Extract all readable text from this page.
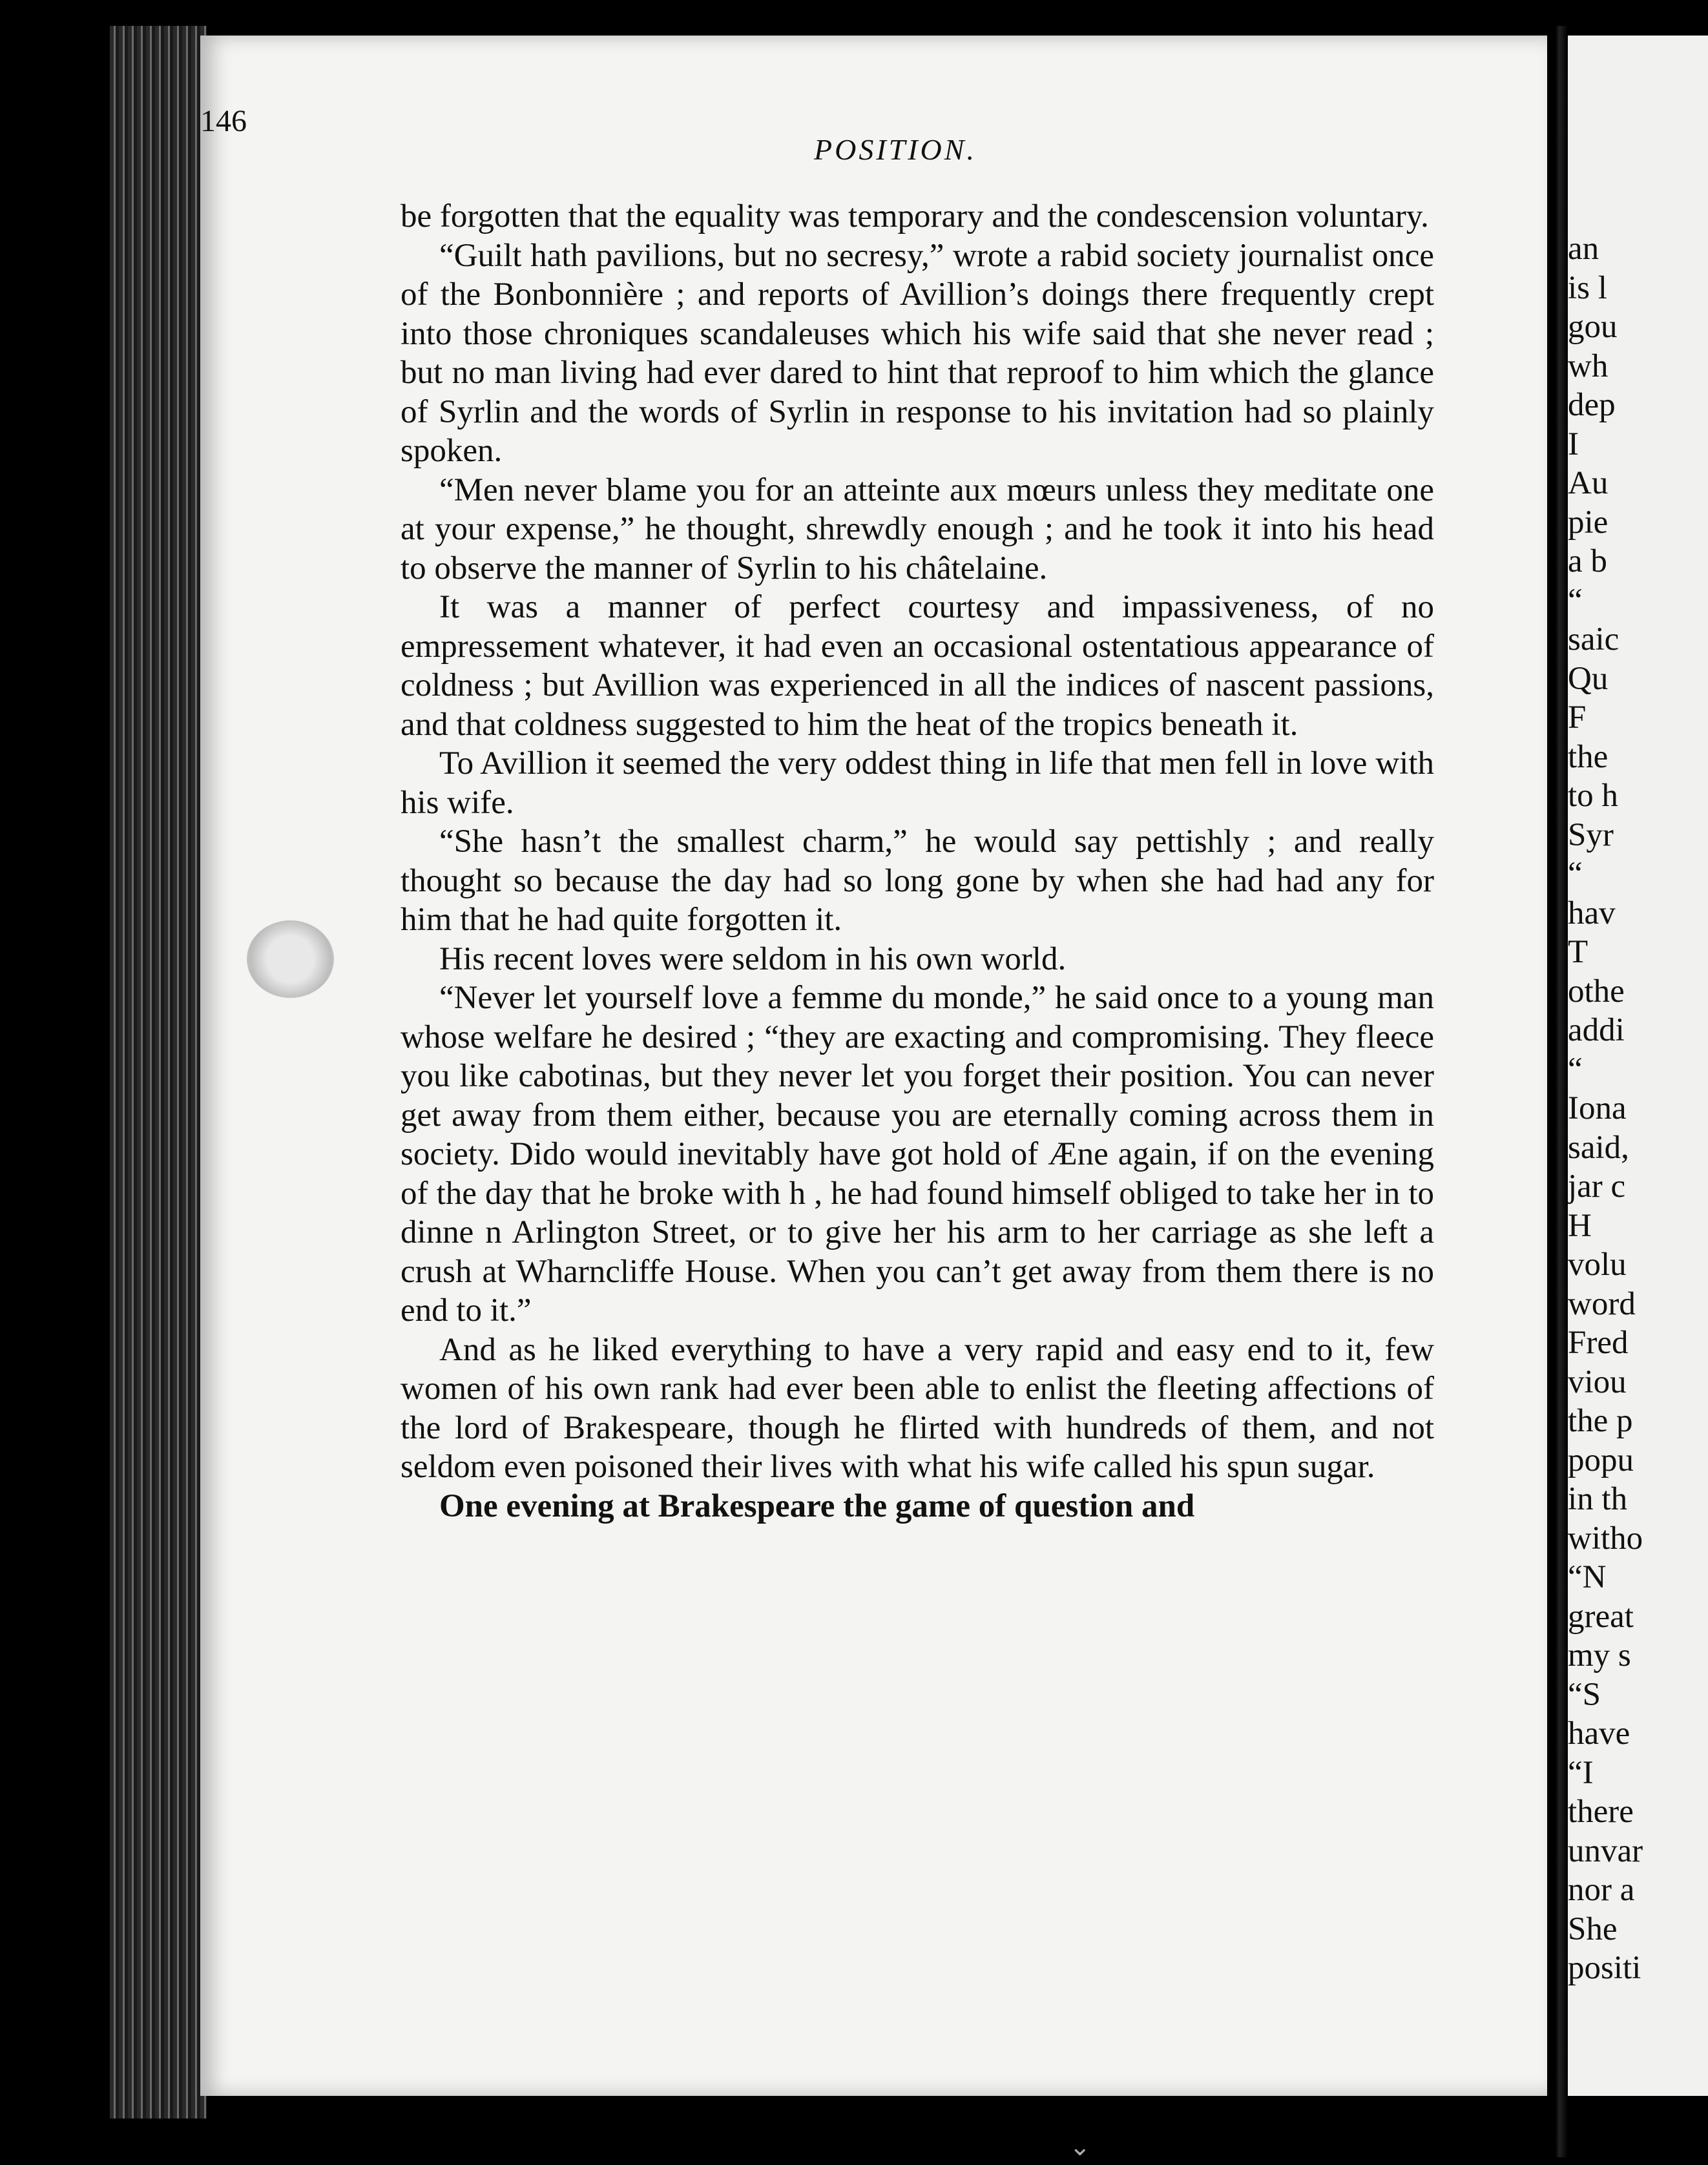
146
POSITION.

be forgotten that the equality was temporary and the condescension voluntary.

“Guilt hath pavilions, but no secresy,” wrote a rabid society journalist once of the Bonbonnière ; and reports of Avillion’s doings there frequently crept into those chroniques scandaleuses which his wife said that she never read ; but no man living had ever dared to hint that reproof to him which the glance of Syrlin and the words of Syrlin in response to his invitation had so plainly spoken.

“Men never blame you for an atteinte aux mœurs unless they meditate one at your expense,” he thought, shrewdly enough ; and he took it into his head to observe the manner of Syrlin to his châtelaine.

It was a manner of perfect courtesy and impassiveness, of no empressement whatever, it had even an occasional ostentatious appearance of coldness ; but Avillion was experienced in all the indices of nascent passions, and that coldness suggested to him the heat of the tropics beneath it.

To Avillion it seemed the very oddest thing in life that men fell in love with his wife.

“She hasn’t the smallest charm,” he would say pettishly ; and really thought so because the day had so long gone by when she had had any for him that he had quite forgotten it.

His recent loves were seldom in his own world.

“Never let yourself love a femme du monde,” he said once to a young man whose welfare he desired ; “they are exacting and compromising. They fleece you like cabotinas, but they never let you forget their position. You can never get away from them either, because you are eternally coming across them in society. Dido would inevitably have got hold of Æne again, if on the evening of the day that he broke with h , he had found himself obliged to take her in to dinne n Arlington Street, or to give her his arm to her carriage as she left a crush at Wharncliffe House. When you can’t get away from them there is no end to it.”

And as he liked everything to have a very rapid and easy end to it, few women of his own rank had ever been able to enlist the fleeting affections of the lord of Brakespeare, though he flirted with hundreds of them, and not seldom even poisoned their lives with what his wife called his spun sugar.

One evening at Brakespeare the game of question and

an
is l
gou
wh
dep
I
Au
pie
a b
“
saic
Qu
F
the
to h
Syr
“
hav
T
othe
addi
“
Iona
said,
jar c
H
volu
word
Fred
viou
the p
popu
in th
witho
“N
great
my s
“S
have
“I
there
unvar
nor a
She
positi
⌄
